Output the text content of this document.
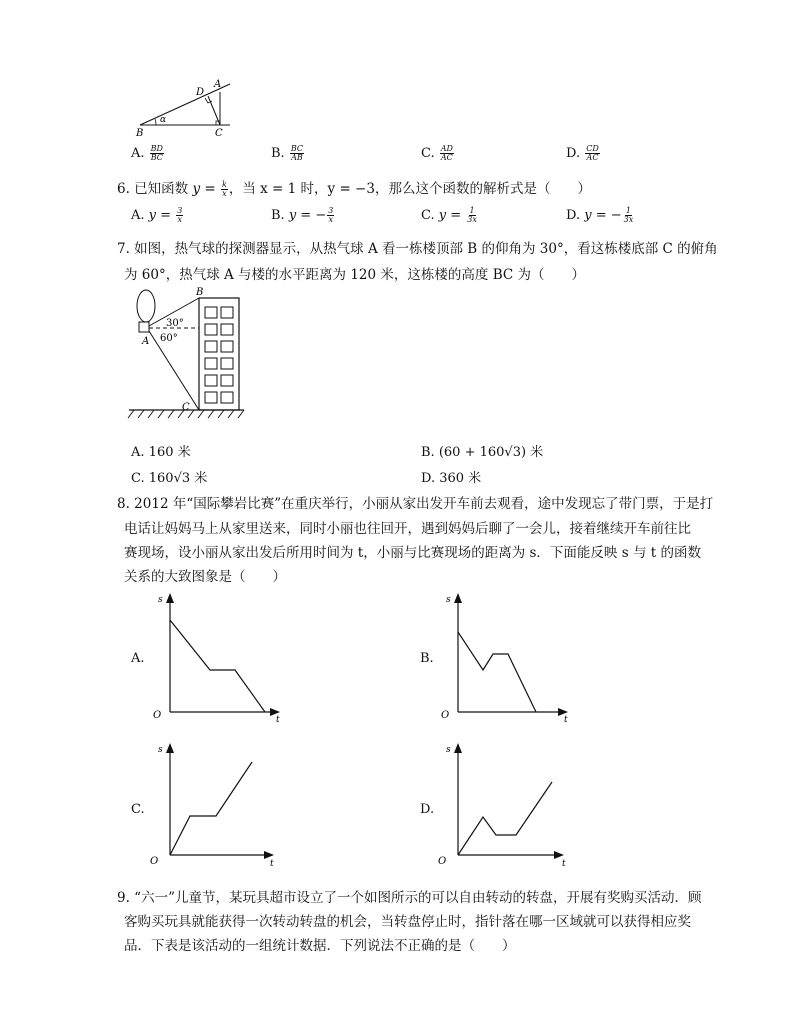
A
D
B	C
α
A. $\frac{BD}{BC}$	B. $\frac{BC}{AB}$	C. $\frac{AD}{AC}$	D. $\frac{CD}{AC}$
6. 已知函数 $y = \frac{k}{x}$ ，当 x = 1 时，y = −3，那么这个函数的解析式是（　　）
A. $y = \frac{3}{x}$	B. y = − $\frac{3}{x}$	C. $y = \frac{1}{3x}$	D. y = − $\frac{1}{3x}$
7. 如图，热气球的探测器显示，从热气球 A 看一栋楼顶部 B 的仰角为 30°，看这栋楼底部 C 的俯角
为 60°，热气球 A 与楼的水平距离为 120 米，这栋楼的高度 BC 为（　　）
B
A
C
30°
60°
A. 160 米	B. (60 + 160√3) 米
C. 160√3 米	D. 360 米
8. 2012 年“国际攀岩比赛”在重庆举行，小丽从家出发开车前去观看，途中发现忘了带门票，于是打
电话让妈妈马上从家里送来，同时小丽也往回开，遇到妈妈后聊了一会儿，接着继续开车前往比
赛现场，设小丽从家出发后所用时间为 t，小丽与比赛现场的距离为 s．下面能反映 s 与 t 的函数
关系的大致图象是（　　）
A.
s
t
O
B.
s
t
O
C.
s
t
O
D.
s
t
O
9. “六一”儿童节，某玩具超市设立了一个如图所示的可以自由转动的转盘，开展有奖购买活动．顾
客购买玩具就能获得一次转动转盘的机会，当转盘停止时，指针落在哪一区域就可以获得相应奖
品．下表是该活动的一组统计数据．下列说法不正确的是（　　）
